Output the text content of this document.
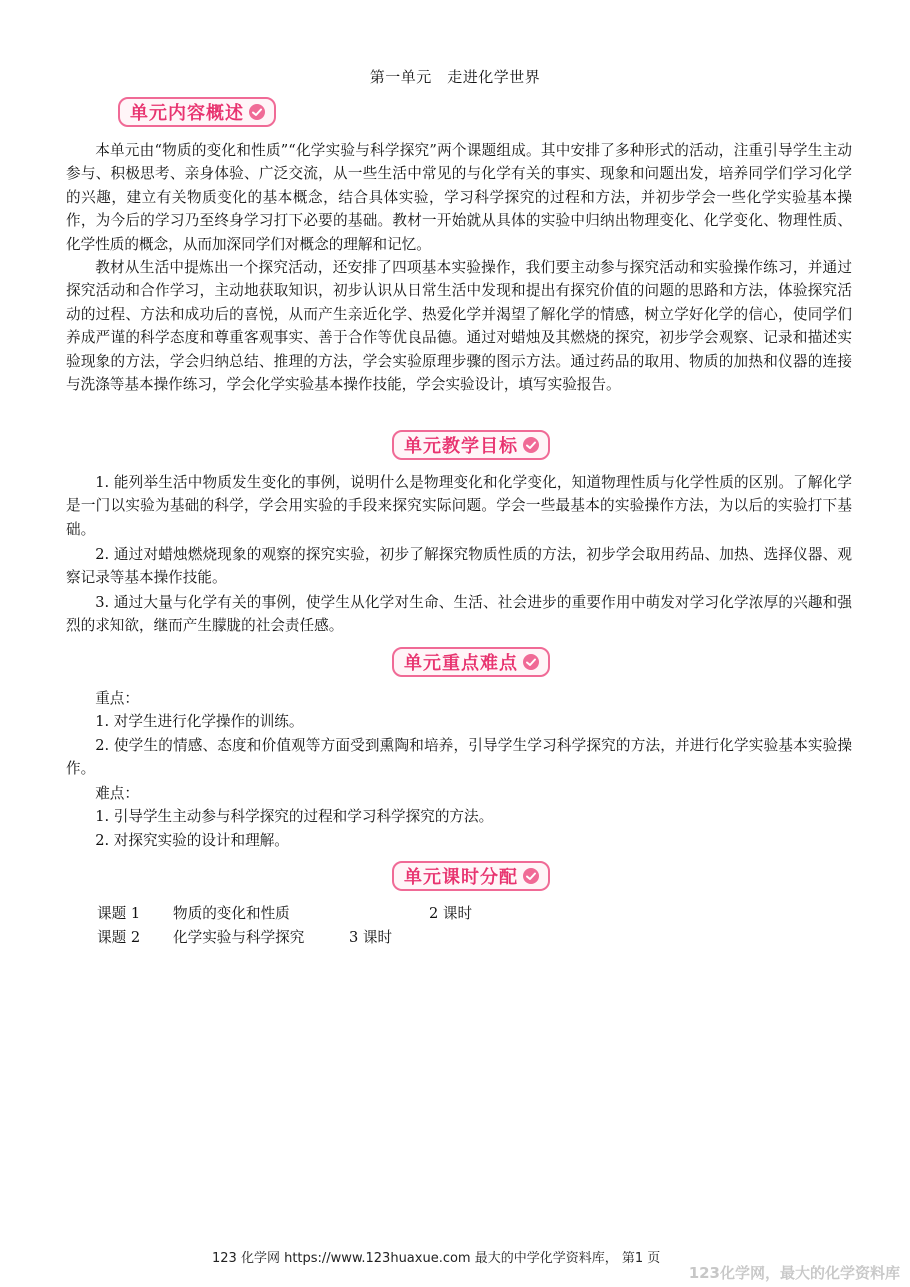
第一单元　走进化学世界
单元内容概述

本单元由“物质的变化和性质”“化学实验与科学探究”两个课题组成。其中安排了多种形式的活动，注重引导学生主动参与、积极思考、亲身体验、广泛交流，从一些生活中常见的与化学有关的事实、现象和问题出发，培养同学们学习化学的兴趣，建立有关物质变化的基本概念，结合具体实验，学习科学探究的过程和方法，并初步学会一些化学实验基本操作，为今后的学习乃至终身学习打下必要的基础。教材一开始就从具体的实验中归纳出物理变化、化学变化、物理性质、化学性质的概念，从而加深同学们对概念的理解和记忆。

教材从生活中提炼出一个探究活动，还安排了四项基本实验操作，我们要主动参与探究活动和实验操作练习，并通过探究活动和合作学习，主动地获取知识，初步认识从日常生活中发现和提出有探究价值的问题的思路和方法，体验探究活动的过程、方法和成功后的喜悦，从而产生亲近化学、热爱化学并渴望了解化学的情感，树立学好化学的信心，使同学们养成严谨的科学态度和尊重客观事实、善于合作等优良品德。通过对蜡烛及其燃烧的探究，初步学会观察、记录和描述实验现象的方法，学会归纳总结、推理的方法，学会实验原理步骤的图示方法。通过药品的取用、物质的加热和仪器的连接与洗涤等基本操作练习，学会化学实验基本操作技能，学会实验设计，填写实验报告。

单元教学目标

1. 能列举生活中物质发生变化的事例，说明什么是物理变化和化学变化，知道物理性质与化学性质的区别。了解化学是一门以实验为基础的科学，学会用实验的手段来探究实际问题。学会一些最基本的实验操作方法，为以后的实验打下基础。

2. 通过对蜡烛燃烧现象的观察的探究实验，初步了解探究物质性质的方法，初步学会取用药品、加热、选择仪器、观察记录等基本操作技能。

3. 通过大量与化学有关的事例，使学生从化学对生命、生活、社会进步的重要作用中萌发对学习化学浓厚的兴趣和强烈的求知欲，继而产生朦胧的社会责任感。

单元重点难点

重点：

1. 对学生进行化学操作的训练。

2. 使学生的情感、态度和价值观等方面受到熏陶和培养，引导学生学习科学探究的方法，并进行化学实验基本实验操作。

难点：

1. 引导学生主动参与科学探究的过程和学习科学探究的方法。

2. 对探究实验的设计和理解。

单元课时分配
课题 1 物质的变化和性质	2 课时
课题 2 化学实验与科学探究	3 课时
123 化学网 https://www.123huaxue.com 最大的中学化学资料库， 第1 页
123化学网，最大的化学资料库
